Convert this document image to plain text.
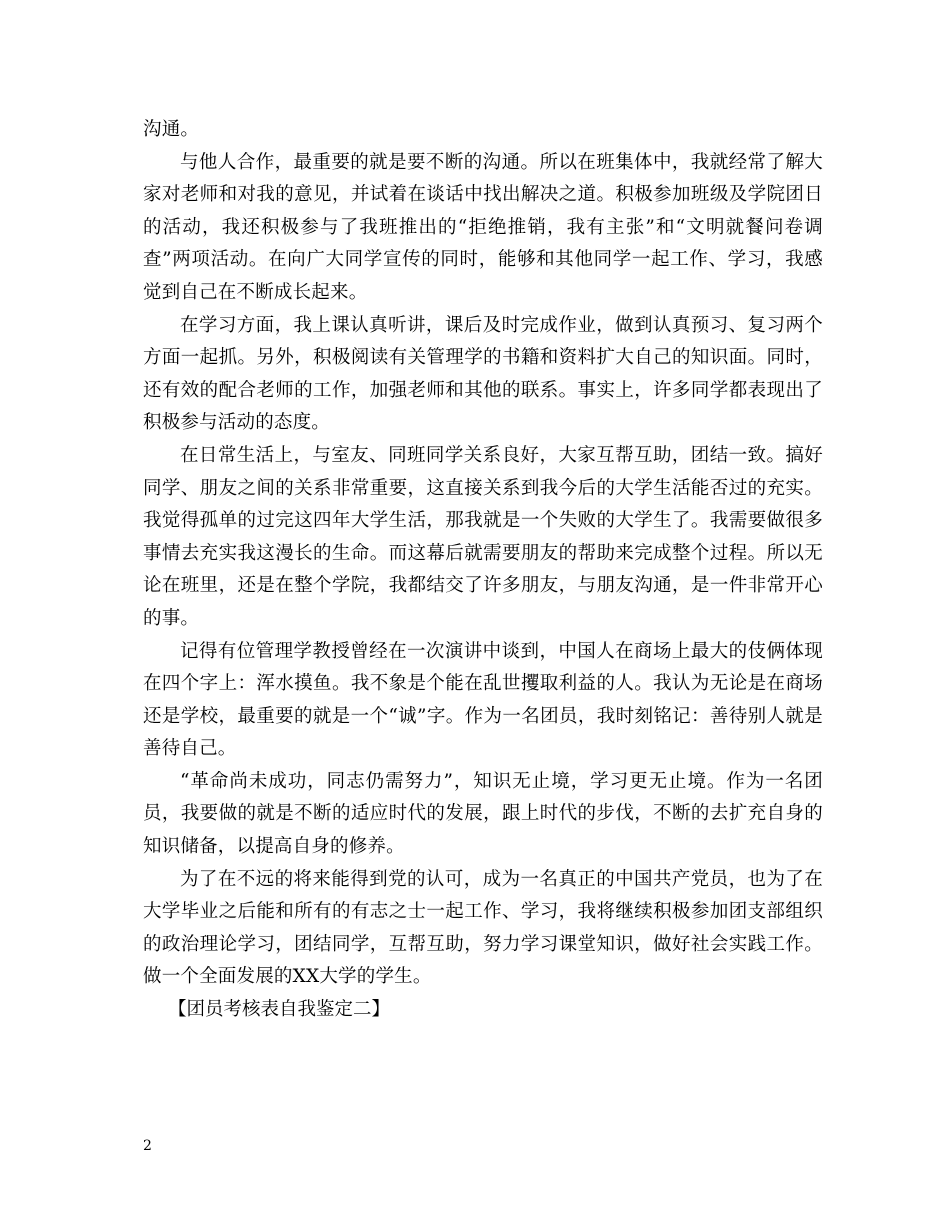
沟通。

与他人合作，最重要的就是要不断的沟通。所以在班集体中，我就经常了解大家对老师和对我的意见，并试着在谈话中找出解决之道。积极参加班级及学院团日的活动，我还积极参与了我班推出的“拒绝推销，我有主张”和“文明就餐问卷调查”两项活动。在向广大同学宣传的同时，能够和其他同学一起工作、学习，我感觉到自己在不断成长起来。

在学习方面，我上课认真听讲，课后及时完成作业，做到认真预习、复习两个方面一起抓。另外，积极阅读有关管理学的书籍和资料扩大自己的知识面。同时，还有效的配合老师的工作，加强老师和其他的联系。事实上，许多同学都表现出了积极参与活动的态度。

在日常生活上，与室友、同班同学关系良好，大家互帮互助，团结一致。搞好同学、朋友之间的关系非常重要，这直接关系到我今后的大学生活能否过的充实。我觉得孤单的过完这四年大学生活，那我就是一个失败的大学生了。我需要做很多事情去充实我这漫长的生命。而这幕后就需要朋友的帮助来完成整个过程。所以无论在班里，还是在整个学院，我都结交了许多朋友，与朋友沟通，是一件非常开心的事。

记得有位管理学教授曾经在一次演讲中谈到，中国人在商场上最大的伎俩体现在四个字上：浑水摸鱼。我不象是个能在乱世攫取利益的人。我认为无论是在商场还是学校，最重要的就是一个“诚”字。作为一名团员，我时刻铭记：善待别人就是善待自己。

“革命尚未成功，同志仍需努力”，知识无止境，学习更无止境。作为一名团员，我要做的就是不断的适应时代的发展，跟上时代的步伐，不断的去扩充自身的知识储备，以提高自身的修养。

为了在不远的将来能得到党的认可，成为一名真正的中国共产党员，也为了在大学毕业之后能和所有的有志之士一起工作、学习，我将继续积极参加团支部组织的政治理论学习，团结同学，互帮互助，努力学习课堂知识，做好社会实践工作。做一个全面发展的XX大学的学生。

【团员考核表自我鉴定二】

2
